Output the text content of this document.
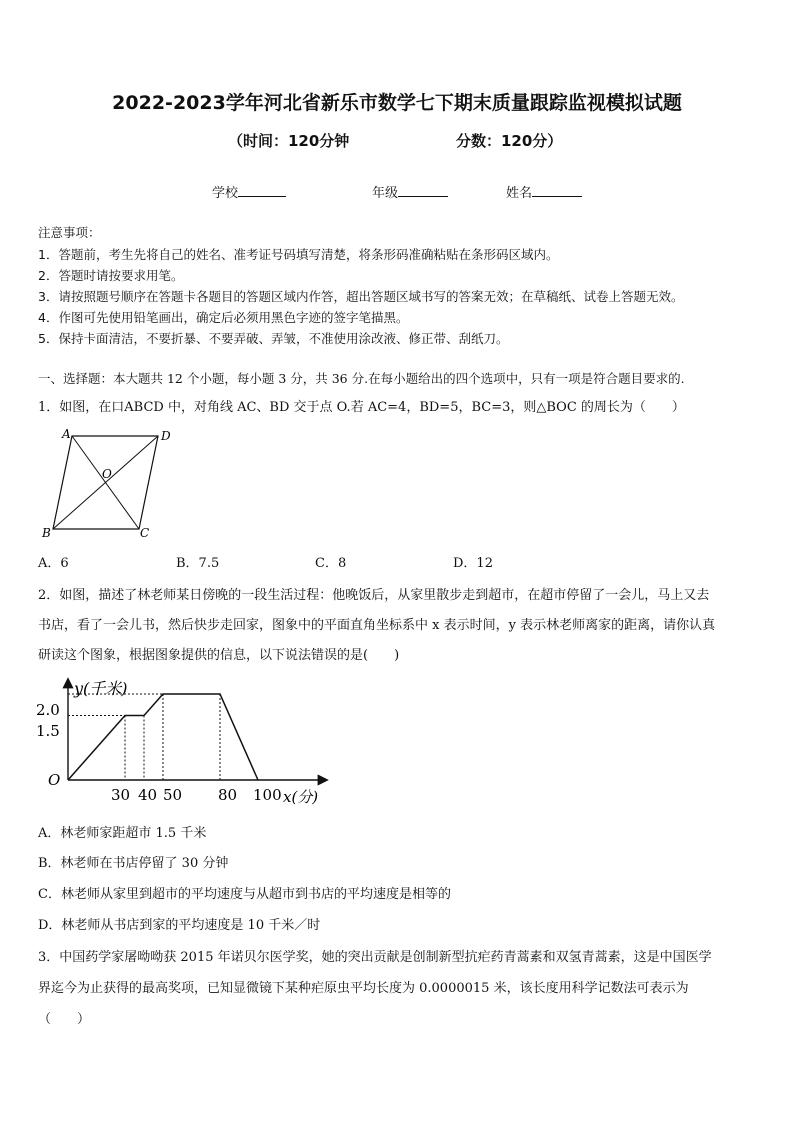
2022-2023学年河北省新乐市数学七下期末质量跟踪监视模拟试题
（时间：120分钟	分数：120分）
学校	年级	姓名
注意事项：
1．答题前，考生先将自己的姓名、准考证号码填写清楚，将条形码准确粘贴在条形码区域内。
2．答题时请按要求用笔。
3．请按照题号顺序在答题卡各题目的答题区域内作答，超出答题区域书写的答案无效；在草稿纸、试卷上答题无效。
4．作图可先使用铅笔画出，确定后必须用黑色字迹的签字笔描黑。
5．保持卡面清洁，不要折暴、不要弄破、弄皱，不准使用涂改液、修正带、刮纸刀。
一、选择题：本大题共 12 个小题，每小题 3 分，共 36 分.在每小题给出的四个选项中，只有一项是符合题目要求的.
1．如图，在口ABCD 中，对角线 AC、BD 交于点 O.若 AC=4，BD=5，BC=3，则△BOC 的周长为（　　）
A	D
B	C
O
A．6	B．7.5	C．8	D．12
2．如图，描述了林老师某日傍晚的一段生活过程：他晚饭后，从家里散步走到超市，在超市停留了一会儿，马上又去
书店，看了一会儿书，然后快步走回家，图象中的平面直角坐标系中 x 表示时间，y 表示林老师离家的距离，请你认真
研读这个图象，根据图象提供的信息，以下说法错误的是(　　)
y(千米)
x(分)
O
2.0
1.5
30 40 50 80 100
A．林老师家距超市 1.5 千米
B．林老师在书店停留了 30 分钟
C．林老师从家里到超市的平均速度与从超市到书店的平均速度是相等的
D．林老师从书店到家的平均速度是 10 千米／时
3．中国药学家屠呦呦获 2015 年诺贝尔医学奖，她的突出贡献是创制新型抗疟药青蒿素和双氢青蒿素，这是中国医学
界迄今为止获得的最高奖项，已知显微镜下某种疟原虫平均长度为 0.0000015 米，该长度用科学记数法可表示为
（　　）
